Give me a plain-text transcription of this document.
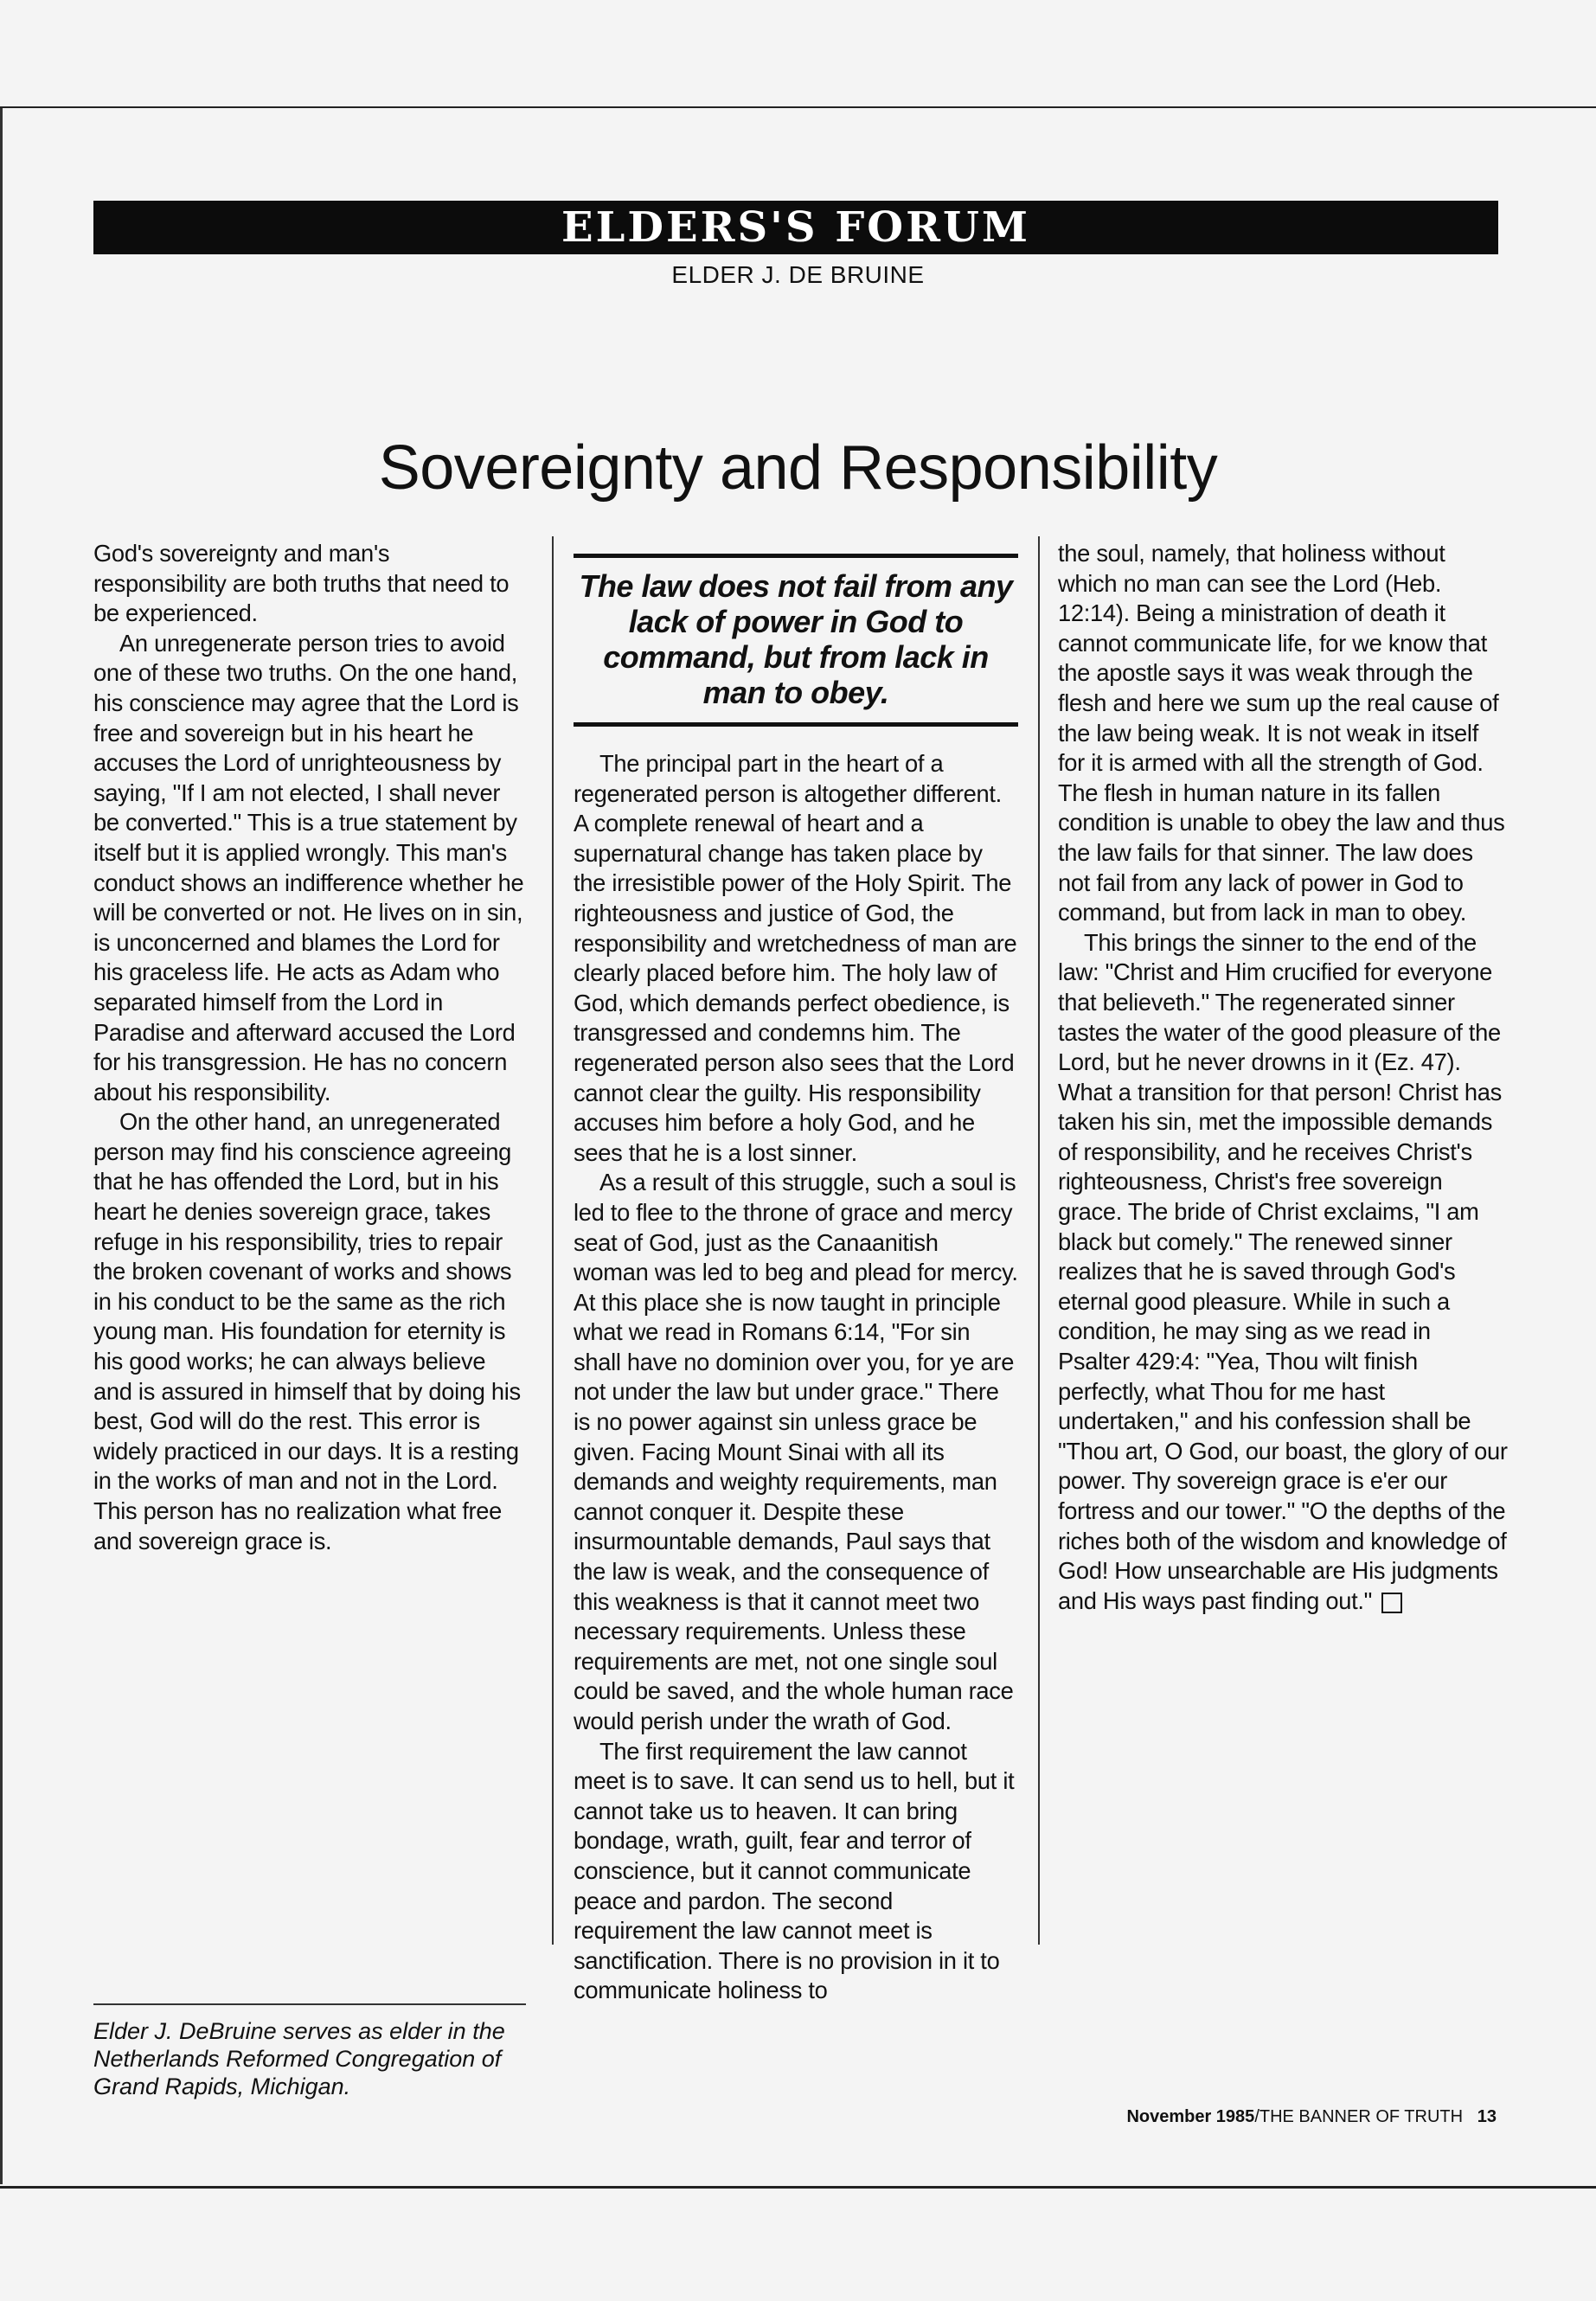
ELDERS'S FORUM
ELDER J. DE BRUINE
Sovereignty and Responsibility

God's sovereignty and man's responsibility are both truths that need to be experienced.

An unregenerate person tries to avoid one of these two truths. On the one hand, his conscience may agree that the Lord is free and sovereign but in his heart he accuses the Lord of unrighteousness by saying, "If I am not elected, I shall never be converted." This is a true statement by itself but it is applied wrongly. This man's conduct shows an indifference whether he will be converted or not. He lives on in sin, is unconcerned and blames the Lord for his graceless life. He acts as Adam who separated himself from the Lord in Paradise and afterward accused the Lord for his transgression. He has no concern about his responsibility.

On the other hand, an unregenerated person may find his conscience agreeing that he has offended the Lord, but in his heart he denies sovereign grace, takes refuge in his responsibility, tries to repair the broken covenant of works and shows in his conduct to be the same as the rich young man. His foundation for eternity is his good works; he can always believe and is assured in himself that by doing his best, God will do the rest. This error is widely practiced in our days. It is a resting in the works of man and not in the Lord. This person has no realization what free and sovereign grace is.

The law does not fail from any lack of power in God to command, but from lack in man to obey.

The principal part in the heart of a regenerated person is altogether different. A complete renewal of heart and a supernatural change has taken place by the irresistible power of the Holy Spirit. The righteousness and justice of God, the responsibility and wretchedness of man are clearly placed before him. The holy law of God, which demands perfect obedience, is transgressed and condemns him. The regenerated person also sees that the Lord cannot clear the guilty. His responsibility accuses him before a holy God, and he sees that he is a lost sinner.

As a result of this struggle, such a soul is led to flee to the throne of grace and mercy seat of God, just as the Canaanitish woman was led to beg and plead for mercy. At this place she is now taught in principle what we read in Romans 6:14, "For sin shall have no dominion over you, for ye are not under the law but under grace." There is no power against sin unless grace be given. Facing Mount Sinai with all its demands and weighty requirements, man cannot conquer it. Despite these insurmountable demands, Paul says that the law is weak, and the consequence of this weakness is that it cannot meet two necessary requirements. Unless these requirements are met, not one single soul could be saved, and the whole human race would perish under the wrath of God.

The first requirement the law cannot meet is to save. It can send us to hell, but it cannot take us to heaven. It can bring bondage, wrath, guilt, fear and terror of conscience, but it cannot communicate peace and pardon. The second requirement the law cannot meet is sanctification. There is no provision in it to communicate holiness to

the soul, namely, that holiness without which no man can see the Lord (Heb. 12:14). Being a ministration of death it cannot communicate life, for we know that the apostle says it was weak through the flesh and here we sum up the real cause of the law being weak. It is not weak in itself for it is armed with all the strength of God. The flesh in human nature in its fallen condition is unable to obey the law and thus the law fails for that sinner. The law does not fail from any lack of power in God to command, but from lack in man to obey.

This brings the sinner to the end of the law: "Christ and Him crucified for everyone that believeth." The regenerated sinner tastes the water of the good pleasure of the Lord, but he never drowns in it (Ez. 47). What a transition for that person! Christ has taken his sin, met the impossible demands of responsibility, and he receives Christ's righteousness, Christ's free sovereign grace. The bride of Christ exclaims, "I am black but comely." The renewed sinner realizes that he is saved through God's eternal good pleasure. While in such a condition, he may sing as we read in Psalter 429:4: "Yea, Thou wilt finish perfectly, what Thou for me hast undertaken," and his confession shall be "Thou art, O God, our boast, the glory of our power. Thy sovereign grace is e'er our fortress and our tower." "O the depths of the riches both of the wisdom and knowledge of God! How unsearchable are His judgments and His ways past finding out."

Elder J. DeBruine serves as elder in the Netherlands Reformed Congregation of Grand Rapids, Michigan.
November 1985/THE BANNER OF TRUTH 13
